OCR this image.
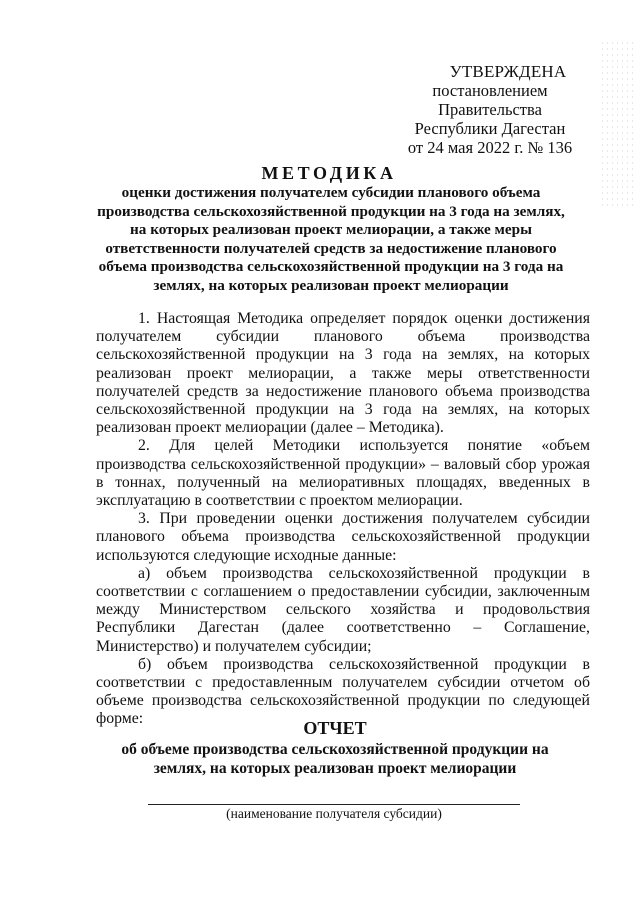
УТВЕРЖДЕНА
постановлением Правительства
Республики Дагестан
от 24 мая 2022 г. № 136
МЕТОДИКА
оценки достижения получателем субсидии планового объема производства сельскохозяйственной продукции на 3 года на землях, на которых реализован проект мелиорации, а также меры ответственности получателей средств за недостижение планового объема производства сельскохозяйственной продукции на 3 года на землях, на которых реализован проект мелиорации

1. Настоящая Методика определяет порядок оценки достижения получателем субсидии планового объема производства сельскохозяйственной продукции на 3 года на землях, на которых реализован проект мелиорации, а также меры ответственности получателей средств за недостижение планового объема производства сельскохозяйственной продукции на 3 года на землях, на которых реализован проект мелиорации (далее – Методика).

2. Для целей Методики используется понятие «объем производства сельскохозяйственной продукции» – валовый сбор урожая в тоннах, полученный на мелиоративных площадях, введенных в эксплуатацию в соответствии с проектом мелиорации.

3. При проведении оценки достижения получателем субсидии планового объема производства сельскохозяйственной продукции используются следующие исходные данные:

а) объем производства сельскохозяйственной продукции в соответствии с соглашением о предоставлении субсидии, заключенным между Министерством сельского хозяйства и продовольствия Республики Дагестан (далее соответственно – Соглашение, Министерство) и получателем субсидии;

б) объем производства сельскохозяйственной продукции в соответствии с предоставленным получателем субсидии отчетом об объеме производства сельскохозяйственной продукции по следующей форме:	ОТЧЕТ
об объеме производства сельскохозяйственной продукции на землях, на которых реализован проект мелиорации
(наименование получателя субсидии)
